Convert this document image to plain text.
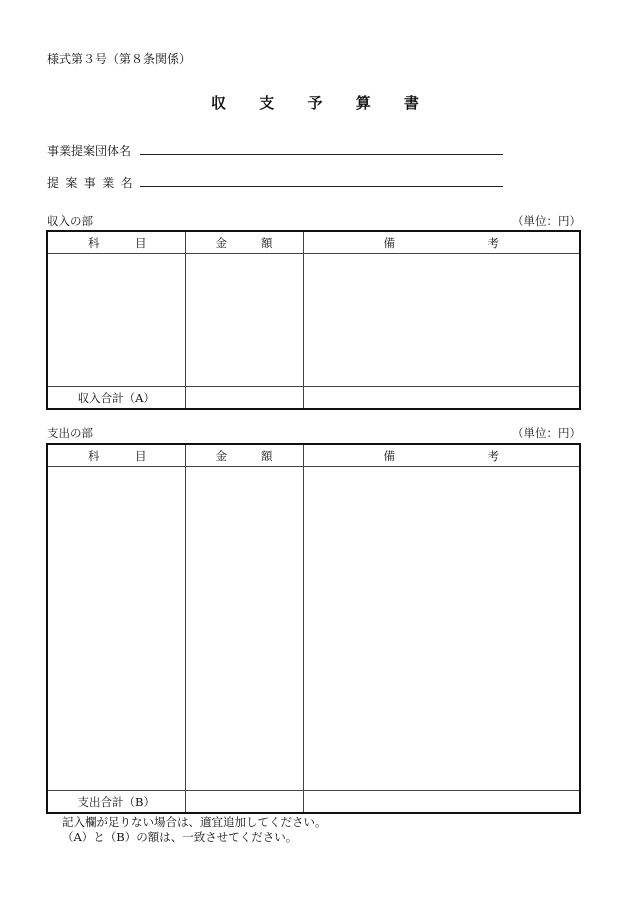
様式第３号（第８条関係）
収 支 予 算 書
事業提案団体名
提案事業名
収入の部	（単位：円）
科 目	金 額	備 考

収入合計（A）		
支出の部	（単位：円）
科 目	金 額	備 考

支出合計（B）		
記入欄が足りない場合は、適宜追加してください。
（A）と（B）の額は、一致させてください。
